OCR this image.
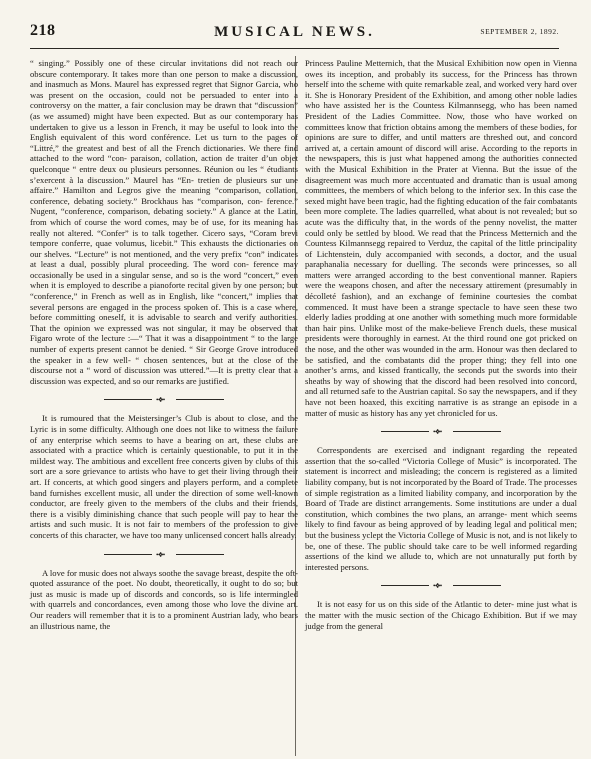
218	MUSICAL NEWS.	SEPTEMBER 2, 1892.

“ singing.” Possibly one of these circular invitations did not reach our obscure contemporary. It takes more than one person to make a discussion, and inasmuch as Mons. Maurel has expressed regret that Signor Garcia, who was present on the occasion, could not be persuaded to enter into a controversy on the matter, a fair conclusion may be drawn that “discussion” (as we assumed) might have been expected. But as our contemporary has undertaken to give us a lesson in French, it may be useful to look into the English equivalent of this word conférence. Let us turn to the pages of “Littré,” the greatest and best of all the French dictionaries. We there find attached to the word “con- paraison, collation, action de traiter d’un objet quelconque “ entre deux ou plusieurs personnes. Réunion ou les “ étudiants s’exercent à la discussion.” Maurel has “En- tretien de plusieurs sur une affaire.” Hamilton and Legros give the meaning “comparison, collation, conference, debating society.” Brockhaus has “comparison, con- ference.” Nugent, “conference, comparison, debating society.” A glance at the Latin, from which of course the word comes, may be of use, for its meaning has really not altered. “Confer” is to talk together. Cicero says, “Coram brevi tempore conferre, quae volumus, licebit.” This exhausts the dictionaries on our shelves. “Lecture” is not mentioned, and the very prefix “con” indicates at least a dual, possibly plural proceeding. The word con- ference may occasionally be used in a singular sense, and so is the word “concert,” even when it is employed to describe a pianoforte recital given by one person; but “conference,” in French as well as in English, like “concert,” implies that several persons are engaged in the process spoken of. This is a case where, before committing oneself, it is advisable to search and verify authorities. That the opinion we expressed was not singular, it may be observed that Figaro wrote of the lecture :—“ That it was a disappointment “ to the large number of experts present cannot be denied. “ Sir George Grove introduced the speaker in a few well- “ chosen sentences, but at the close of the discourse not a “ word of discussion was uttered.”—It is pretty clear that a discussion was expected, and so our remarks are justified.

•❖•

It is rumoured that the Meistersinger’s Club is about to close, and the Lyric is in some difficulty. Although one does not like to witness the failure of any enterprise which seems to have a bearing on art, these clubs are associated with a practice which is certainly questionable, to put it in the mildest way. The ambitious and excellent free concerts given by clubs of this sort are a sore grievance to artists who have to get their living through their art. If concerts, at which good singers and players perform, and a complete band furnishes excellent music, all under the direction of some well-known conductor, are freely given to the members of the clubs and their friends, there is a visibly diminishing chance that such people will pay to hear the artists and such music. It is not fair to members of the profession to give concerts of this character, we have too many unlicensed concert halls already.

•❖•

A love for music does not always soothe the savage breast, despite the oft-quoted assurance of the poet. No doubt, theoretically, it ought to do so; but just as music is made up of discords and concords, so is life intermingled with quarrels and concordances, even among those who love the divine art. Our readers will remember that it is to a prominent Austrian lady, who bears an illustrious name, the

Princess Pauline Metternich, that the Musical Exhibition now open in Vienna owes its inception, and probably its success, for the Princess has thrown herself into the scheme with quite remarkable zeal, and worked very hard over it. She is Honorary President of the Exhibition, and among other noble ladies who have assisted her is the Countess Kilmannsegg, who has been named President of the Ladies Committee. Now, those who have worked on committees know that friction obtains among the members of these bodies, for opinions are sure to differ, and until matters are threshed out, and concord arrived at, a certain amount of discord will arise. According to the reports in the newspapers, this is just what happened among the authorities connected with the Musical Exhibition in the Prater at Vienna. But the issue of the disagreement was much more accentuated and dramatic than is usual among committees, the members of which belong to the inferior sex. In this case the sexed might have been tragic, had the fighting education of the fair combatants been more complete. The ladies quarrelled, what about is not revealed; but so acute was the difficulty that, in the words of the penny novelist, the matter could only be settled by blood. We read that the Princess Metternich and the Countess Kilmannsegg repaired to Verduz, the capital of the little principality of Lichtenstein, duly accompanied with seconds, a doctor, and the usual paraphanalia necessary for duelling. The seconds were princesses, so all matters were arranged according to the best conventional manner. Rapiers were the weapons chosen, and after the necessary attirement (presumably in décolleté fashion), and an exchange of feminine courtesies the combat commenced. It must have been a strange spectacle to have seen these two elderly ladies prodding at one another with something much more formidable than hair pins. Unlike most of the make-believe French duels, these musical presidents were thoroughly in earnest. At the third round one got pricked on the nose, and the other was wounded in the arm. Honour was then declared to be satisfied, and the combatants did the proper thing; they fell into one another’s arms, and kissed frantically, the seconds put the swords into their sheaths by way of showing that the discord had been resolved into concord, and all returned safe to the Austrian capital. So say the newspapers, and if they have not been hoaxed, this exciting narrative is as strange an episode in a matter of music as history has any yet chronicled for us.

•❖•

Correspondents are exercised and indignant regarding the repeated assertion that the so-called “Victoria College of Music” is incorporated. The statement is incorrect and misleading; the concern is registered as a limited liability company, but is not incorporated by the Board of Trade. The processes of simple registration as a limited liability company, and incorporation by the Board of Trade are distinct arrangements. Some institutions are under a dual constitution, which combines the two plans, an arrange- ment which seems likely to find favour as being approved of by leading legal and political men; but the business yclept the Victoria College of Music is not, and is not likely to be, one of these. The public should take care to be well informed regarding assertions of the kind we allude to, which are not unnaturally put forth by interested persons.

•❖•

It is not easy for us on this side of the Atlantic to deter- mine just what is the matter with the music section of the Chicago Exhibition. But if we may judge from the general
